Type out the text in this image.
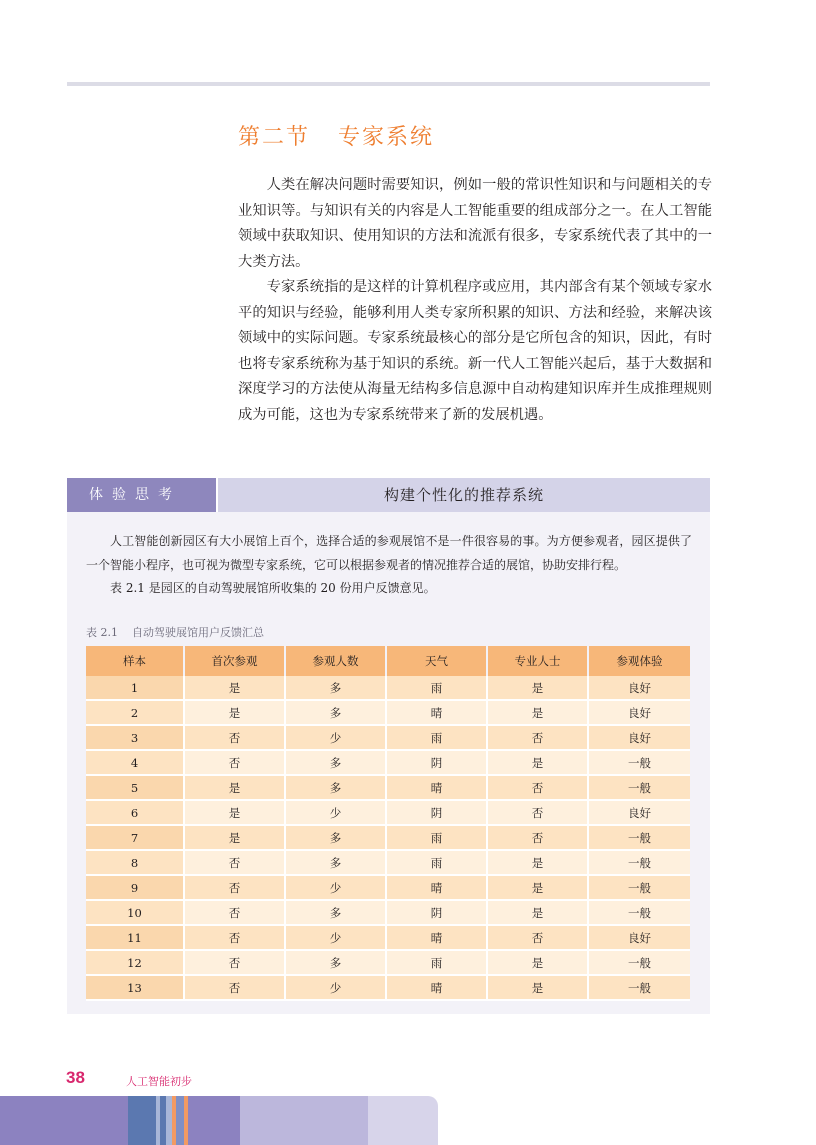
第二节 专家系统

人类在解决问题时需要知识，例如一般的常识性知识和与问题相关的专业知识等。与知识有关的内容是人工智能重要的组成部分之一。在人工智能领域中获取知识、使用知识的方法和流派有很多，专家系统代表了其中的一大类方法。

专家系统指的是这样的计算机程序或应用，其内部含有某个领域专家水平的知识与经验，能够利用人类专家所积累的知识、方法和经验，来解决该领域中的实际问题。专家系统最核心的部分是它所包含的知识，因此，有时也将专家系统称为基于知识的系统。新一代人工智能兴起后，基于大数据和深度学习的方法使从海量无结构多信息源中自动构建知识库并生成推理规则成为可能，这也为专家系统带来了新的发展机遇。

体验思考	构建个性化的推荐系统

人工智能创新园区有大小展馆上百个，选择合适的参观展馆不是一件很容易的事。为方便参观者，园区提供了一个智能小程序，也可视为微型专家系统，它可以根据参观者的情况推荐合适的展馆，协助安排行程。

表 2.1 是园区的自动驾驶展馆所收集的 20 份用户反馈意见。

表 2.1 自动驾驶展馆用户反馈汇总
样本	首次参观	参观人数	天气	专业人士	参观体验
1	是	多	雨	是	良好
2	是	多	晴	是	良好
3	否	少	雨	否	良好
4	否	多	阴	是	一般
5	是	多	晴	否	一般
6	是	少	阴	否	良好
7	是	多	雨	否	一般
8	否	多	雨	是	一般
9	否	少	晴	是	一般
10	否	多	阴	是	一般
11	否	少	晴	否	良好
12	否	多	雨	是	一般
13	否	少	晴	是	一般
38	人工智能初步
